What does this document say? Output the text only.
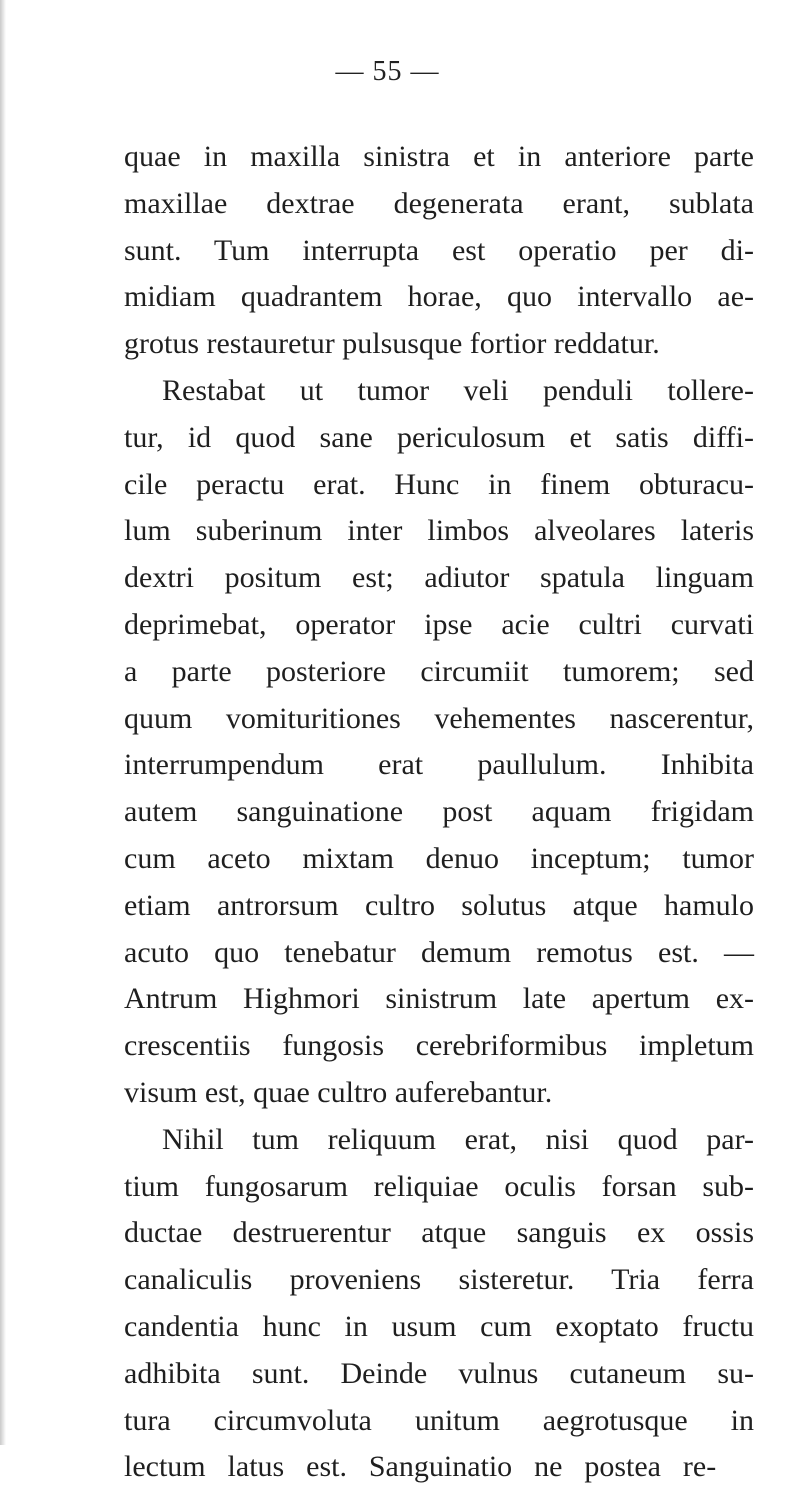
— 55 —
quae in maxilla sinistra et in anteriore parte
maxillae dextrae degenerata erant, sublata
sunt. Tum interrupta est operatio per di-
midiam quadrantem horae, quo intervallo ae-
grotus restauretur pulsusque fortior reddatur.
Restabat ut tumor veli penduli tollere-
tur, id quod sane periculosum et satis diffi-
cile peractu erat. Hunc in finem obturacu-
lum suberinum inter limbos alveolares lateris
dextri positum est; adiutor spatula linguam
deprimebat, operator ipse acie cultri curvati
a parte posteriore circumiit tumorem; sed
quum vomituritiones vehementes nascerentur,
interrumpendum erat paullulum. Inhibita
autem sanguinatione post aquam frigidam
cum aceto mixtam denuo inceptum; tumor
etiam antrorsum cultro solutus atque hamulo
acuto quo tenebatur demum remotus est. —
Antrum Highmori sinistrum late apertum ex-
crescentiis fungosis cerebriformibus impletum
visum est, quae cultro auferebantur.
Nihil tum reliquum erat, nisi quod par-
tium fungosarum reliquiae oculis forsan sub-
ductae destruerentur atque sanguis ex ossis
canaliculis proveniens sisteretur. Tria ferra
candentia hunc in usum cum exoptato fructu
adhibita sunt. Deinde vulnus cutaneum su-
tura circumvoluta unitum aegrotusque in
lectum latus est. Sanguinatio ne postea re-
